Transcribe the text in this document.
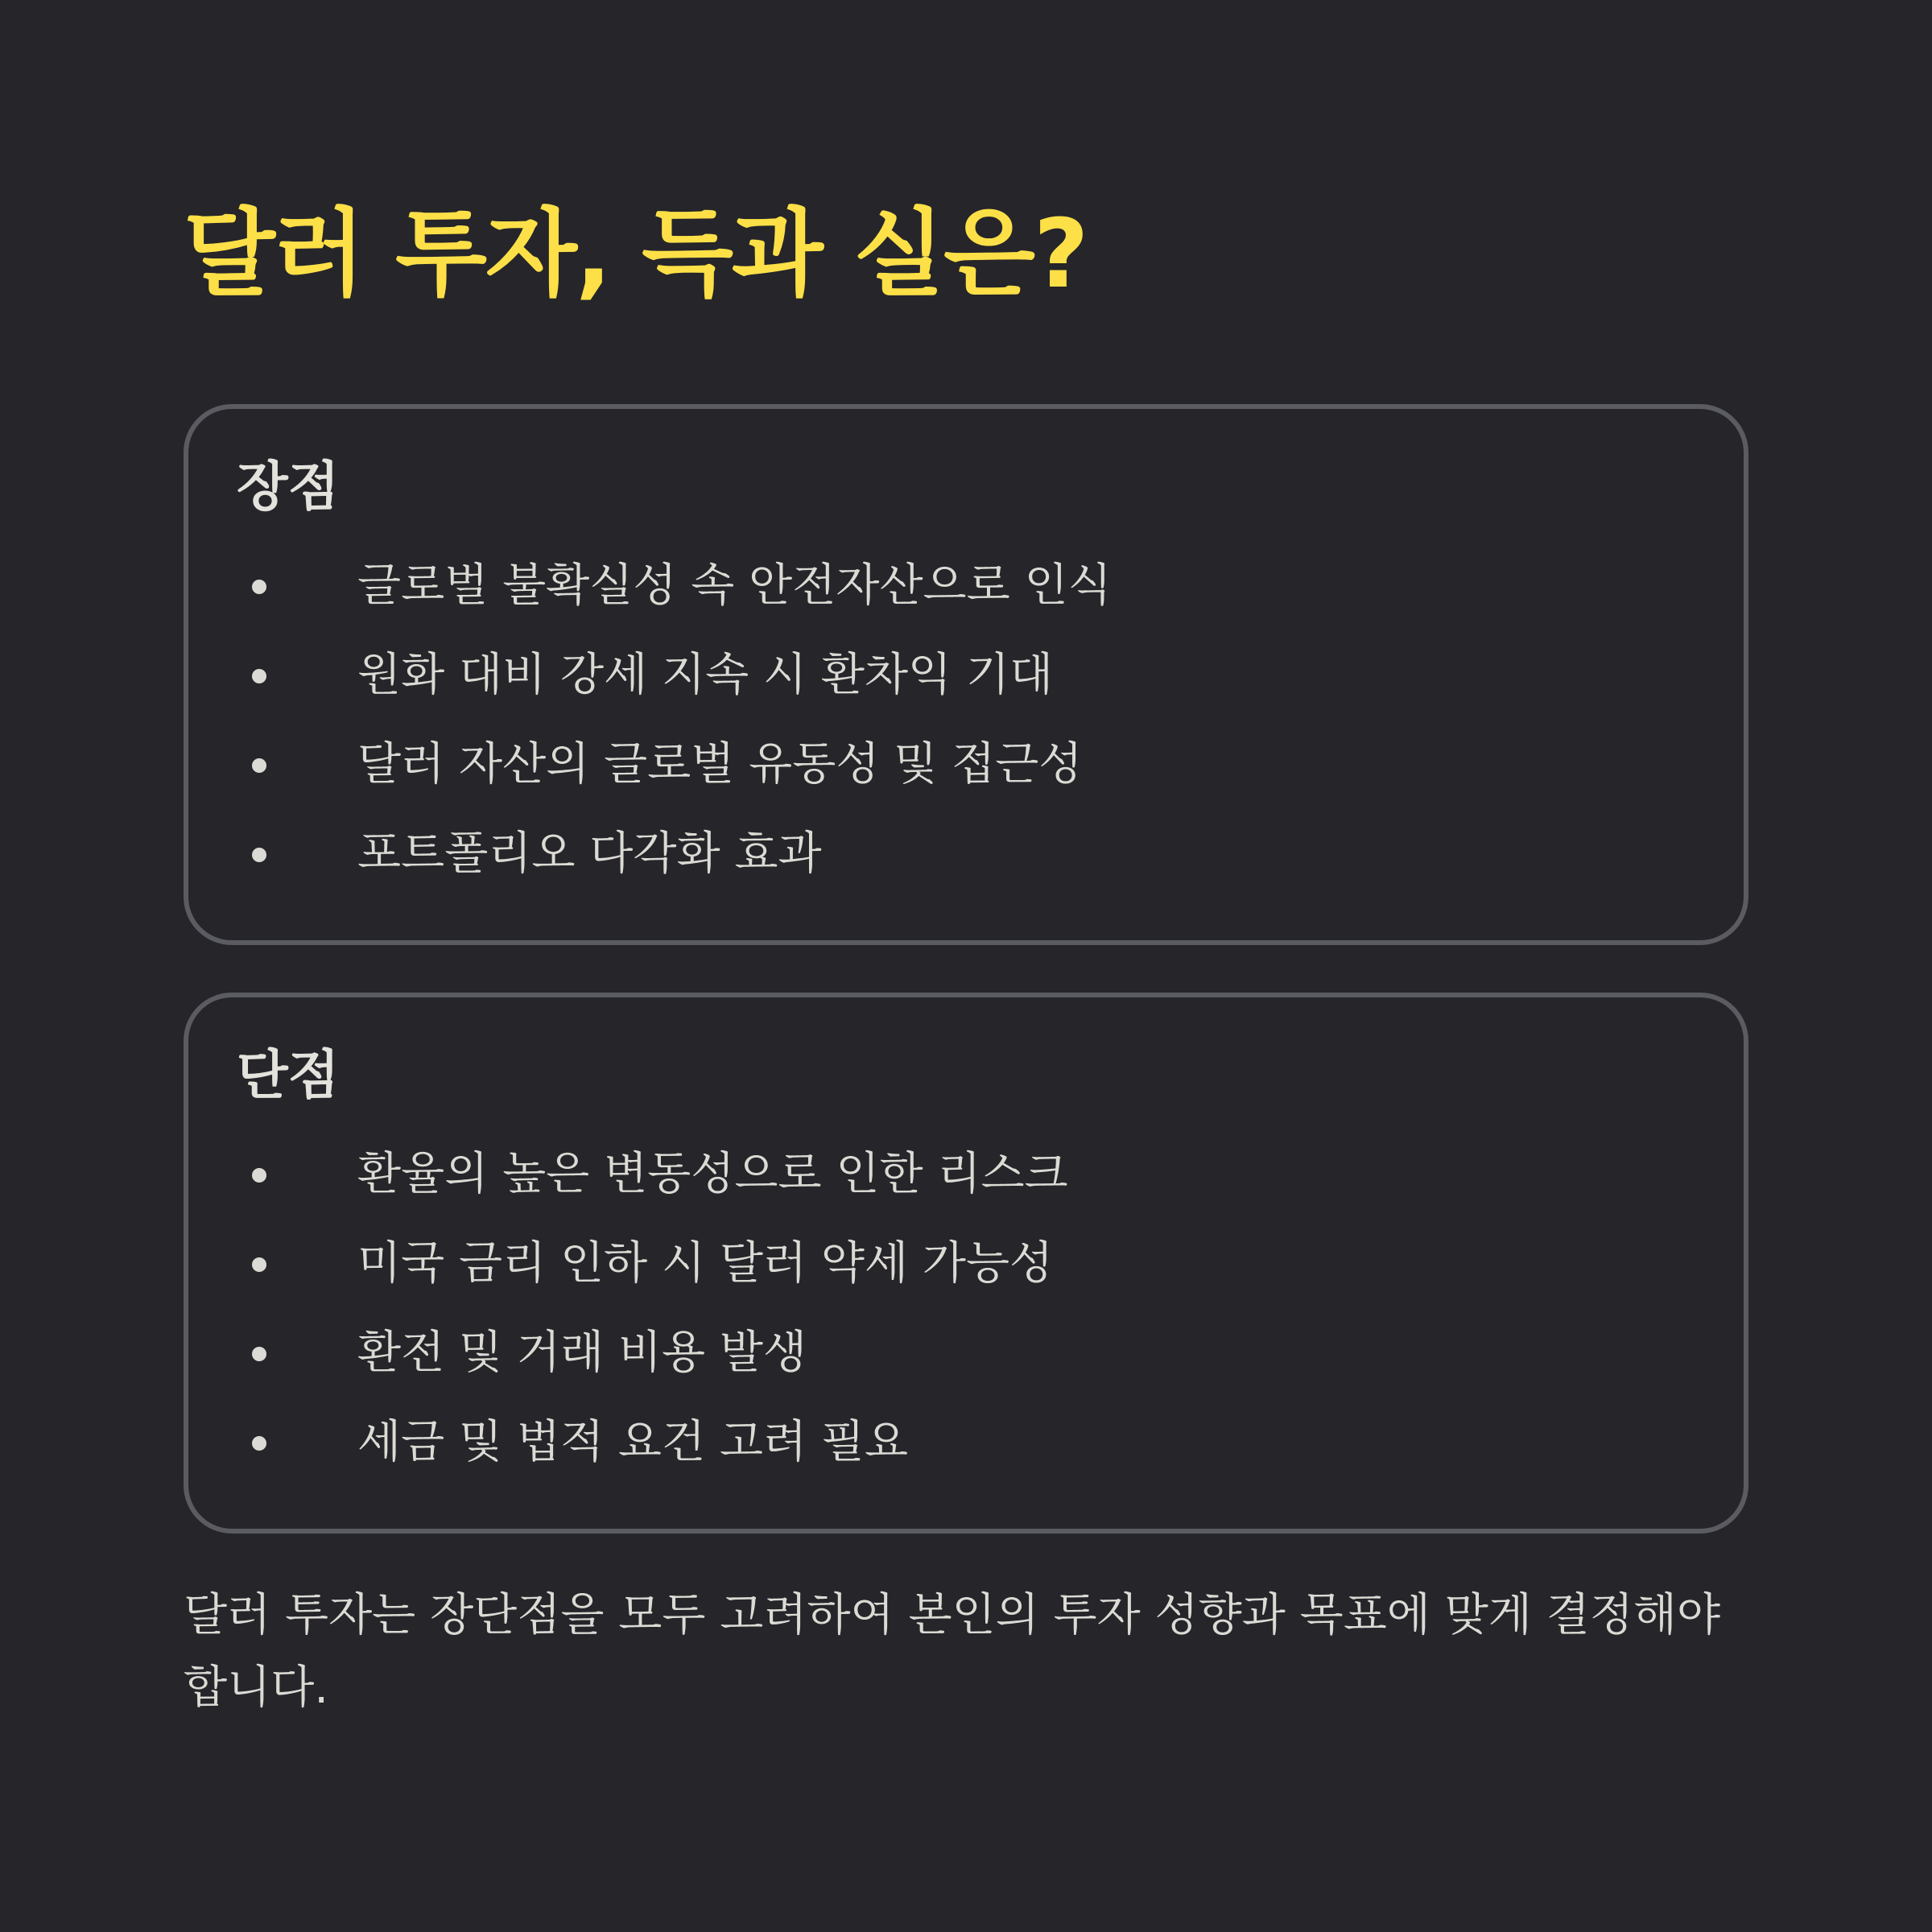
달러 투자, 득과 실은?
장점
글로벌 불확실성 속 안전자산으로 인식
원화 대비 강세 지속 시 환차익 기대
달러 자산의 글로벌 유동성 및 접근성
포트폴리오 다각화 효과
단점
환율의 높은 변동성으로 인한 리스크
미국 금리 인하 시 달러 약세 가능성
환전 및 거래 비용 발생
세금 및 법적 요건 고려 필요

달러 투자는 장단점을 모두 고려하여 본인의 투자 성향과 목표에 맞게 결정해야 합니다.
